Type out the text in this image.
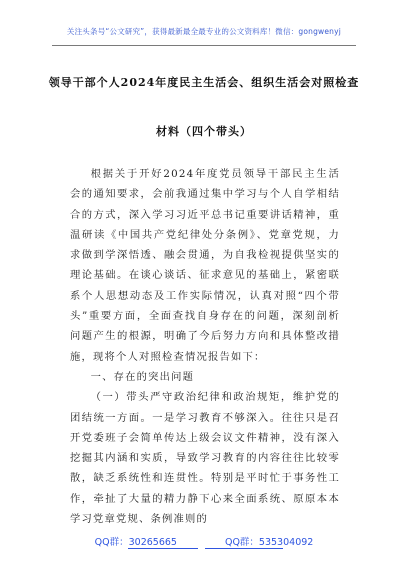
关注头条号“公文研究”，获得最新最全最专业的公文资料库！微信：gongwenyj
领导干部个人2024年度民主生活会、组织生活会对照检查
材料（四个带头）

根据关于开好2024年度党员领导干部民主生活会的通知要求，会前我通过集中学习与个人自学相结合的方式，深入学习习近平总书记重要讲话精神，重温研读《中国共产党纪律处分条例》、党章党规，力求做到学深悟透、融会贯通，为自我检视提供坚实的理论基础。在谈心谈话、征求意见的基础上，紧密联系个人思想动态及工作实际情况，认真对照“四个带头”重要方面，全面查找自身存在的问题，深刻剖析问题产生的根源，明确了今后努力方向和具体整改措施，现将个人对照检查情况报告如下：

一、存在的突出问题

（一）带头严守政治纪律和政治规矩，维护党的团结统一方面。一是学习教育不够深入。往往只是召开党委班子会简单传达上级会议文件精神，没有深入挖掘其内涵和实质，导致学习教育的内容往往比较零散，缺乏系统性和连贯性。特别是平时忙于事务性工作，牵扯了大量的精力静下心来全面系统、原原本本学习党章党规、条例准则的

QQ群：30265665	QQ群：535304092
